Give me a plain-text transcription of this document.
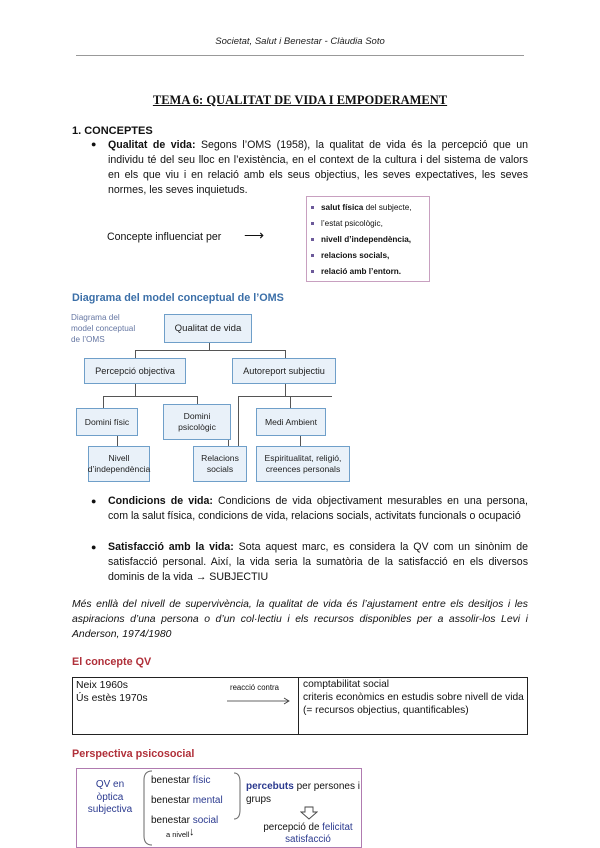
Societat, Salut i Benestar - Clàudia Soto
TEMA 6: QUALITAT DE VIDA I EMPODERAMENT
1. CONCEPTES
● Qualitat de vida: Segons l’OMS (1958), la qualitat de vida és la percepció que un individu té del seu lloc en l’existència, en el context de la cultura i del sistema de valors en els que viu i en relació amb els seus objectius, les seves expectatives, les seves normes, les seves inquietuds.
Concepte influenciat per ⟶
salut física del subjecte,
l’estat psicològic,
nivell d’independència,
relacions socials,
relació amb l’entorn.
Diagrama del model conceptual de l’OMS
Diagrama del
model conceptual
de l’OMS
Qualitat de vida
Percepció objectiva	Autoreport subjectiu
Domini físic
Domini psicològic
Medi Ambient
Nivell d’independència
Relacions socials
Espiritualitat, religió, creences personals
● Condicions de vida: Condicions de vida objectivament mesurables en una persona, com la salut física, condicions de vida, relacions socials, activitats funcionals o ocupació
● Satisfacció amb la vida: Sota aquest marc, es considera la QV com un sinònim de satisfacció personal. Així, la vida seria la sumatòria de la satisfacció en els diversos dominis de la vida → SUBJECTIU
Més enllà del nivell de supervivència, la qualitat de vida és l’ajustament entre els desitjos i les aspiracions d’una persona o d’un col·lectiu i els recursos disponibles per a assolir-los Levi i Anderson, 1974/1980
El concepte QV
Neix 1960s
Ús estès 1970s
reacció contra comptabilitat social
criteris econòmics en estudis sobre nivell de vida (= recursos objectius, quantificables)
Perspectiva psicosocial
QV en
òptica
subjectiva
benestar físic
benestar mental
benestar social
a nivell ↓
percebuts per persones i grups
percepció de felicitat
satisfacció
